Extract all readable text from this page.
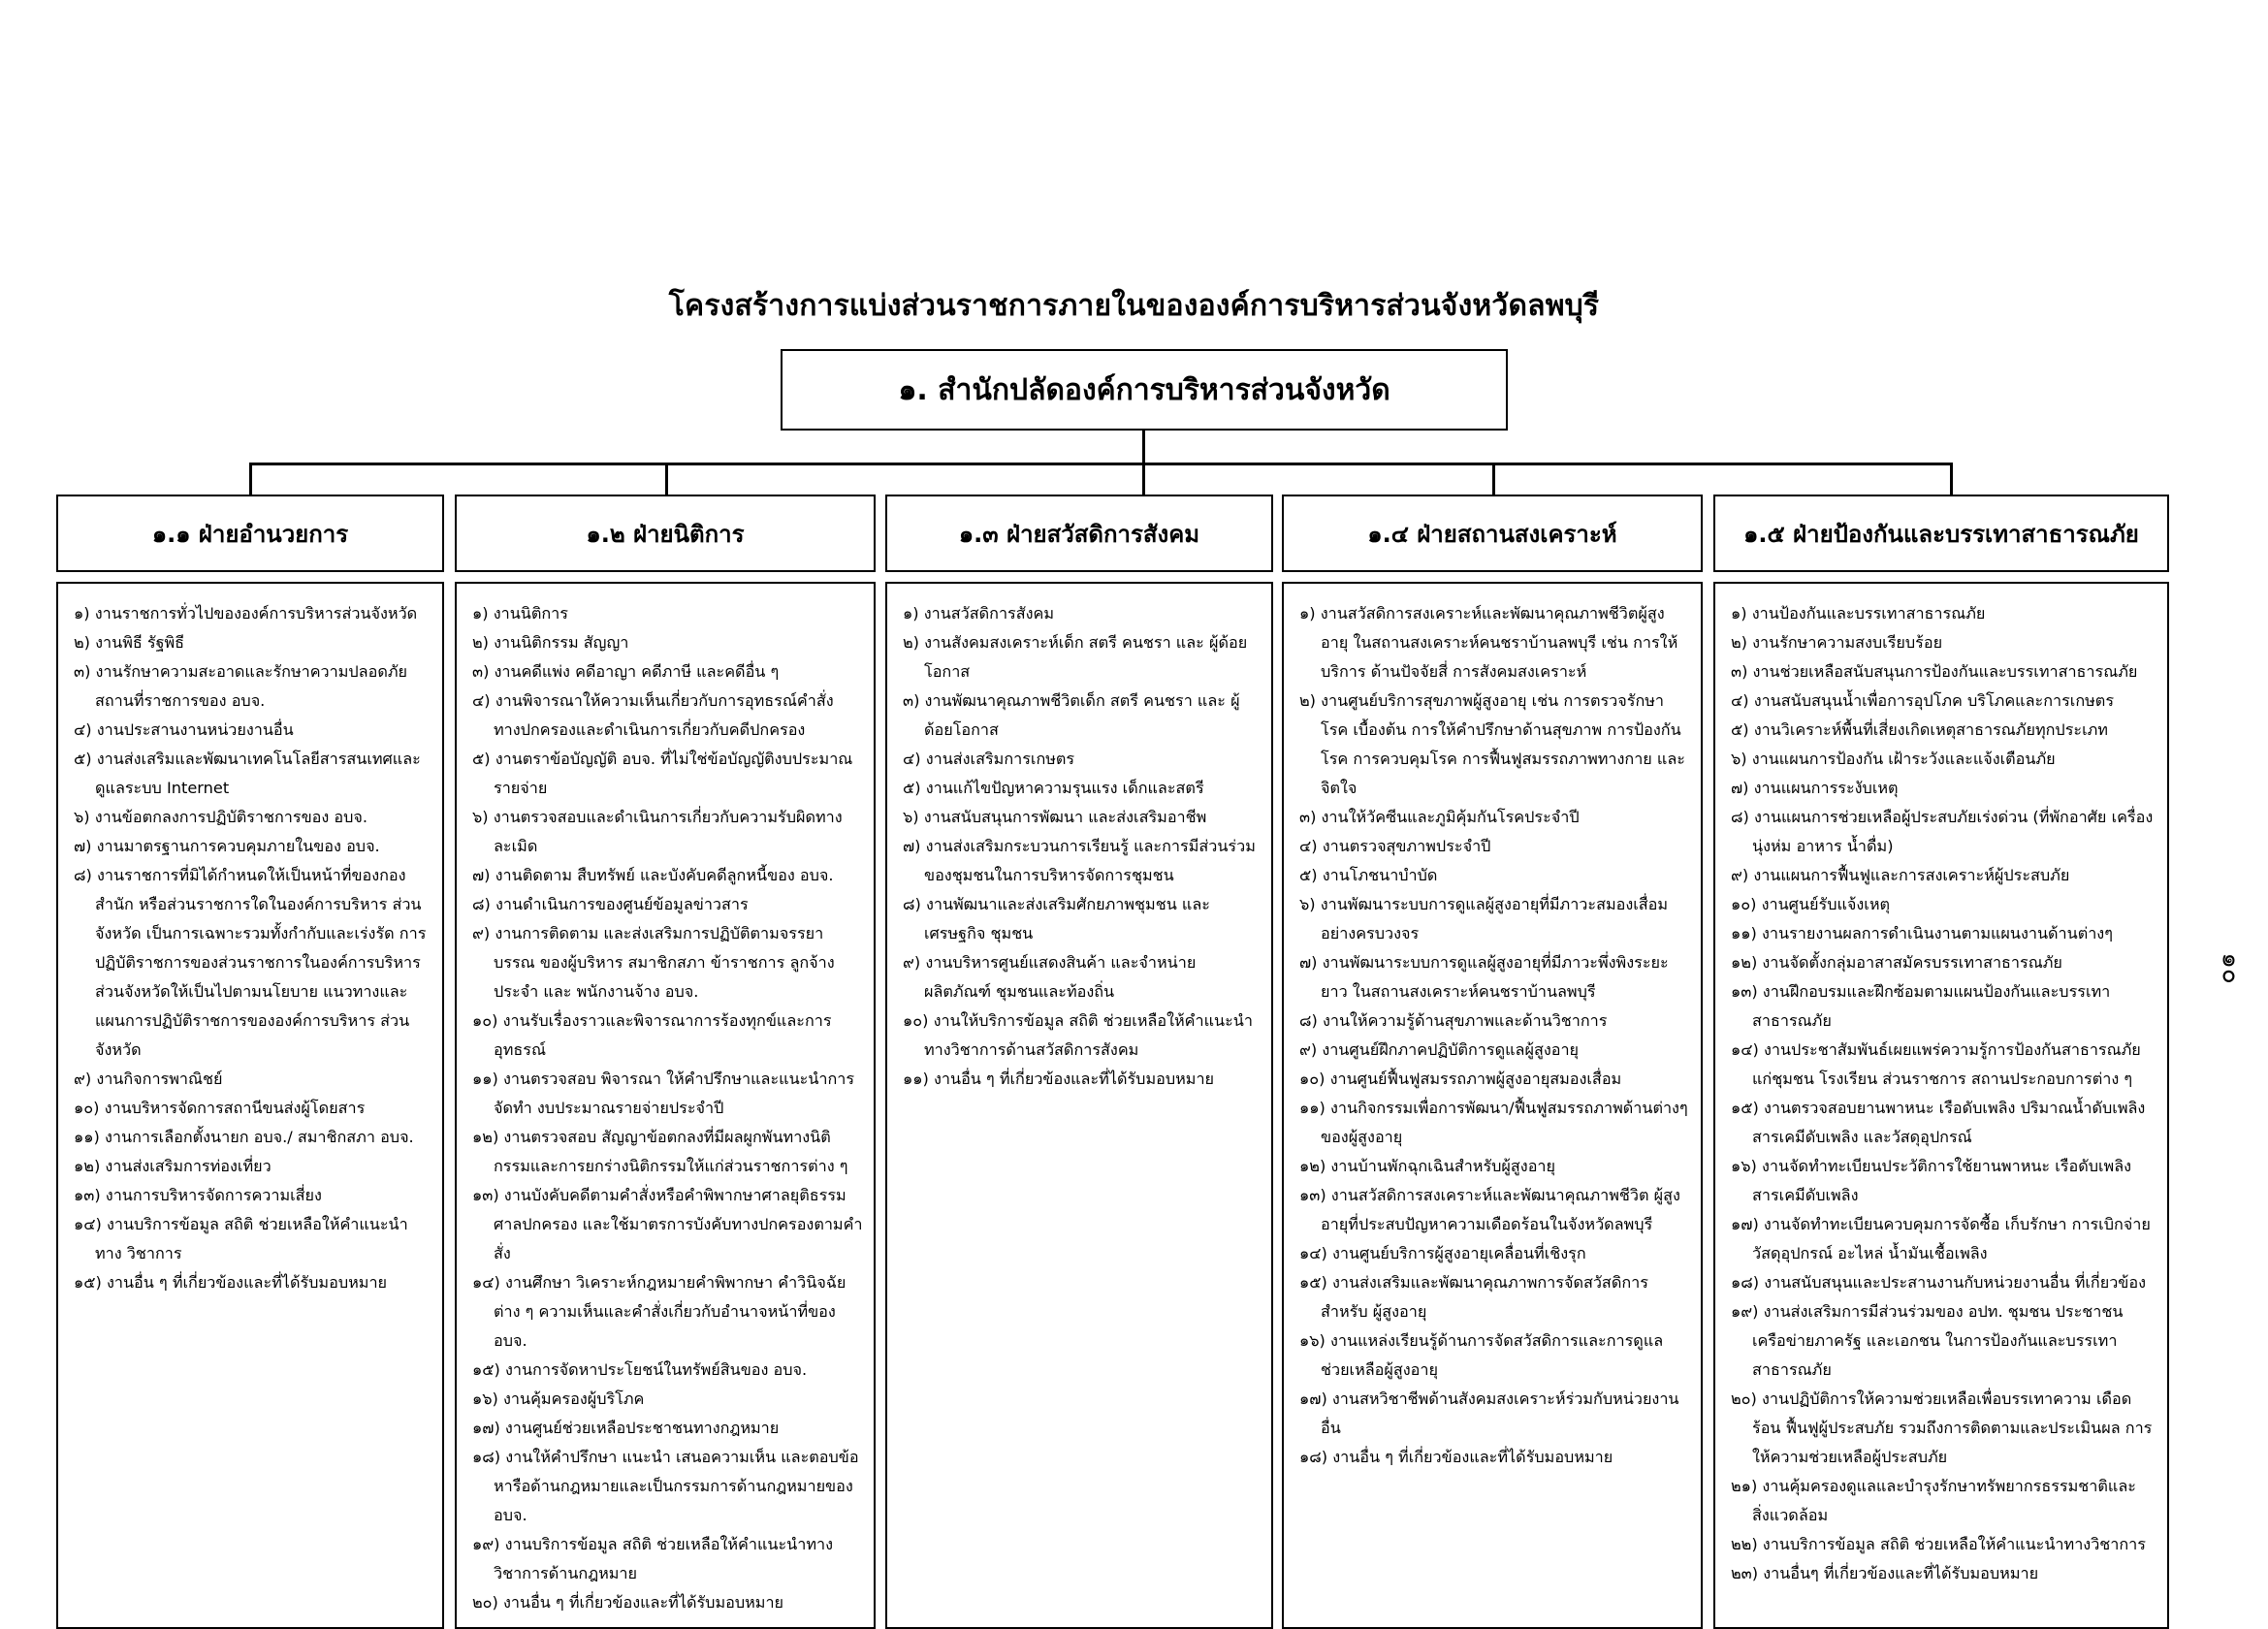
โครงสร้างการแบ่งส่วนราชการภายในขององค์การบริหารส่วนจังหวัดลพบุรี
๑. สำนักปลัดองค์การบริหารส่วนจังหวัด
๑.๑ ฝ่ายอำนวยการ	๑.๒ ฝ่ายนิติการ	๑.๓ ฝ่ายสวัสดิการสังคม	๑.๔ ฝ่ายสถานสงเคราะห์	๑.๕ ฝ่ายป้องกันและบรรเทาสาธารณภัย
๑) งานราชการทั่วไปขององค์การบริหารส่วนจังหวัด
๒) งานพิธี รัฐพิธี
๓) งานรักษาความสะอาดและรักษาความปลอดภัย สถานที่ราชการของ อบจ.
๔) งานประสานงานหน่วยงานอื่น
๕) งานส่งเสริมและพัฒนาเทคโนโลยีสารสนเทศและ ดูแลระบบ Internet
๖) งานข้อตกลงการปฏิบัติราชการของ อบจ.
๗) งานมาตรฐานการควบคุมภายในของ อบจ.
๘) งานราชการที่มิได้กำหนดให้เป็นหน้าที่ของกอง สำนัก หรือส่วนราชการใดในองค์การบริหาร ส่วนจังหวัด เป็นการเฉพาะรวมทั้งกำกับและเร่งรัด การปฏิบัติราชการของส่วนราชการในองค์การบริหาร ส่วนจังหวัดให้เป็นไปตามนโยบาย แนวทางและ แผนการปฏิบัติราชการขององค์การบริหาร ส่วนจังหวัด
๙) งานกิจการพาณิชย์
๑๐) งานบริหารจัดการสถานีขนส่งผู้โดยสาร
๑๑) งานการเลือกตั้งนายก อบจ./ สมาชิกสภา อบจ.
๑๒) งานส่งเสริมการท่องเที่ยว
๑๓) งานการบริหารจัดการความเสี่ยง
๑๔) งานบริการข้อมูล สถิติ ช่วยเหลือให้คำแนะนำทาง วิชาการ
๑๕) งานอื่น ๆ ที่เกี่ยวข้องและที่ได้รับมอบหมาย
๑) งานนิติการ
๒) งานนิติกรรม สัญญา
๓) งานคดีแพ่ง คดีอาญา คดีภาษี และคดีอื่น ๆ
๔) งานพิจารณาให้ความเห็นเกี่ยวกับการอุทธรณ์คำสั่ง ทางปกครองและดำเนินการเกี่ยวกับคดีปกครอง
๕) งานตราข้อบัญญัติ อบจ. ที่ไม่ใช่ข้อบัญญัติงบประมาณ รายจ่าย
๖) งานตรวจสอบและดำเนินการเกี่ยวกับความรับผิดทาง ละเมิด
๗) งานติดตาม สืบทรัพย์ และบังคับคดีลูกหนี้ของ อบจ.
๘) งานดำเนินการของศูนย์ข้อมูลข่าวสาร
๙) งานการติดตาม และส่งเสริมการปฏิบัติตามจรรยาบรรณ ของผู้บริหาร สมาชิกสภา ข้าราชการ ลูกจ้างประจำ และ พนักงานจ้าง อบจ.
๑๐) งานรับเรื่องราวและพิจารณาการร้องทุกข์และการ อุทธรณ์
๑๑) งานตรวจสอบ พิจารณา ให้คำปรึกษาและแนะนำการจัดทำ งบประมาณรายจ่ายประจำปี
๑๒) งานตรวจสอบ สัญญาข้อตกลงที่มีผลผูกพันทางนิติ กรรมและการยกร่างนิติกรรมให้แก่ส่วนราชการต่าง ๆ
๑๓) งานบังคับคดีตามคำสั่งหรือคำพิพากษาศาลยุติธรรม ศาลปกครอง และใช้มาตรการบังคับทางปกครองตามคำสั่ง
๑๔) งานศึกษา วิเคราะห์กฎหมายคำพิพากษา คำวินิจฉัย ต่าง ๆ ความเห็นและคำสั่งเกี่ยวกับอำนาจหน้าที่ของ อบจ.
๑๕) งานการจัดหาประโยชน์ในทรัพย์สินของ อบจ.
๑๖) งานคุ้มครองผู้บริโภค
๑๗) งานศูนย์ช่วยเหลือประชาชนทางกฎหมาย
๑๘) งานให้คำปรึกษา แนะนำ เสนอความเห็น และตอบข้อ หารือด้านกฎหมายและเป็นกรรมการด้านกฎหมายของ อบจ.
๑๙) งานบริการข้อมูล สถิติ ช่วยเหลือให้คำแนะนำทาง วิชาการด้านกฎหมาย
๒๐) งานอื่น ๆ ที่เกี่ยวข้องและที่ได้รับมอบหมาย
๑) งานสวัสดิการสังคม
๒) งานสังคมสงเคราะห์เด็ก สตรี คนชรา และ ผู้ด้อยโอกาส
๓) งานพัฒนาคุณภาพชีวิตเด็ก สตรี คนชรา และ ผู้ด้อยโอกาส
๔) งานส่งเสริมการเกษตร
๕) งานแก้ไขปัญหาความรุนแรง เด็กและสตรี
๖) งานสนับสนุนการพัฒนา และส่งเสริมอาชีพ
๗) งานส่งเสริมกระบวนการเรียนรู้ และการมีส่วนร่วม ของชุมชนในการบริหารจัดการชุมชน
๘) งานพัฒนาและส่งเสริมศักยภาพชุมชน และเศรษฐกิจ ชุมชน
๙) งานบริหารศูนย์แสดงสินค้า และจำหน่ายผลิตภัณฑ์ ชุมชนและท้องถิ่น
๑๐) งานให้บริการข้อมูล สถิติ ช่วยเหลือให้คำแนะนำ ทางวิชาการด้านสวัสดิการสังคม
๑๑) งานอื่น ๆ ที่เกี่ยวข้องและที่ได้รับมอบหมาย
๑) งานสวัสดิการสงเคราะห์และพัฒนาคุณภาพชีวิตผู้สูงอายุ ในสถานสงเคราะห์คนชราบ้านลพบุรี เช่น การให้บริการ ด้านปัจจัยสี่ การสังคมสงเคราะห์
๒) งานศูนย์บริการสุขภาพผู้สูงอายุ เช่น การตรวจรักษาโรค เบื้องต้น การให้คำปรึกษาด้านสุขภาพ การป้องกันโรค การควบคุมโรค การฟื้นฟูสมรรถภาพทางกาย และจิตใจ
๓) งานให้วัคซีนและภูมิคุ้มกันโรคประจำปี
๔) งานตรวจสุขภาพประจำปี
๕) งานโภชนาบำบัด
๖) งานพัฒนาระบบการดูแลผู้สูงอายุที่มีภาวะสมองเสื่อม อย่างครบวงจร
๗) งานพัฒนาระบบการดูแลผู้สูงอายุที่มีภาวะพึ่งพิงระยะยาว ในสถานสงเคราะห์คนชราบ้านลพบุรี
๘) งานให้ความรู้ด้านสุขภาพและด้านวิชาการ
๙) งานศูนย์ฝึกภาคปฏิบัติการดูแลผู้สูงอายุ
๑๐) งานศูนย์ฟื้นฟูสมรรถภาพผู้สูงอายุสมองเสื่อม
๑๑) งานกิจกรรมเพื่อการพัฒนา/ฟื้นฟูสมรรถภาพด้านต่างๆ ของผู้สูงอายุ
๑๒) งานบ้านพักฉุกเฉินสำหรับผู้สูงอายุ
๑๓) งานสวัสดิการสงเคราะห์และพัฒนาคุณภาพชีวิต ผู้สูงอายุที่ประสบปัญหาความเดือดร้อนในจังหวัดลพบุรี
๑๔) งานศูนย์บริการผู้สูงอายุเคลื่อนที่เชิงรุก
๑๕) งานส่งเสริมและพัฒนาคุณภาพการจัดสวัสดิการสำหรับ ผู้สูงอายุ
๑๖) งานแหล่งเรียนรู้ด้านการจัดสวัสดิการและการดูแล ช่วยเหลือผู้สูงอายุ
๑๗) งานสหวิชาชีพด้านสังคมสงเคราะห์ร่วมกับหน่วยงานอื่น
๑๘) งานอื่น ๆ ที่เกี่ยวข้องและที่ได้รับมอบหมาย
๑) งานป้องกันและบรรเทาสาธารณภัย
๒) งานรักษาความสงบเรียบร้อย
๓) งานช่วยเหลือสนับสนุนการป้องกันและบรรเทาสาธารณภัย
๔) งานสนับสนุนน้ำเพื่อการอุปโภค บริโภคและการเกษตร
๕) งานวิเคราะห์พื้นที่เสี่ยงเกิดเหตุสาธารณภัยทุกประเภท
๖) งานแผนการป้องกัน เฝ้าระวังและแจ้งเตือนภัย
๗) งานแผนการระงับเหตุ
๘) งานแผนการช่วยเหลือผู้ประสบภัยเร่งด่วน (ที่พักอาศัย เครื่องนุ่งห่ม อาหาร น้ำดื่ม)
๙) งานแผนการฟื้นฟูและการสงเคราะห์ผู้ประสบภัย
๑๐) งานศูนย์รับแจ้งเหตุ
๑๑) งานรายงานผลการดำเนินงานตามแผนงานด้านต่างๆ
๑๒) งานจัดตั้งกลุ่มอาสาสมัครบรรเทาสาธารณภัย
๑๓) งานฝึกอบรมและฝึกซ้อมตามแผนป้องกันและบรรเทา สาธารณภัย
๑๔) งานประชาสัมพันธ์เผยแพร่ความรู้การป้องกันสาธารณภัย แก่ชุมชน โรงเรียน ส่วนราชการ สถานประกอบการต่าง ๆ
๑๕) งานตรวจสอบยานพาหนะ เรือดับเพลิง ปริมาณน้ำดับเพลิง สารเคมีดับเพลิง และวัสดุอุปกรณ์
๑๖) งานจัดทำทะเบียนประวัติการใช้ยานพาหนะ เรือดับเพลิง สารเคมีดับเพลิง
๑๗) งานจัดทำทะเบียนควบคุมการจัดซื้อ เก็บรักษา การเบิกจ่าย วัสดุอุปกรณ์ อะไหล่ น้ำมันเชื้อเพลิง
๑๘) งานสนับสนุนและประสานงานกับหน่วยงานอื่น ที่เกี่ยวข้อง
๑๙) งานส่งเสริมการมีส่วนร่วมของ อปท. ชุมชน ประชาชน เครือข่ายภาครัฐ และเอกชน ในการป้องกันและบรรเทา สาธารณภัย
๒๐) งานปฏิบัติการให้ความช่วยเหลือเพื่อบรรเทาความ เดือดร้อน ฟื้นฟูผู้ประสบภัย รวมถึงการติดตามและประเมินผล การให้ความช่วยเหลือผู้ประสบภัย
๒๑) งานคุ้มครองดูแลและบำรุงรักษาทรัพยากรธรรมชาติและ สิ่งแวดล้อม
๒๒) งานบริการข้อมูล สถิติ ช่วยเหลือให้คำแนะนำทางวิชาการ
๒๓) งานอื่นๆ ที่เกี่ยวข้องและที่ได้รับมอบหมาย
๑๐
